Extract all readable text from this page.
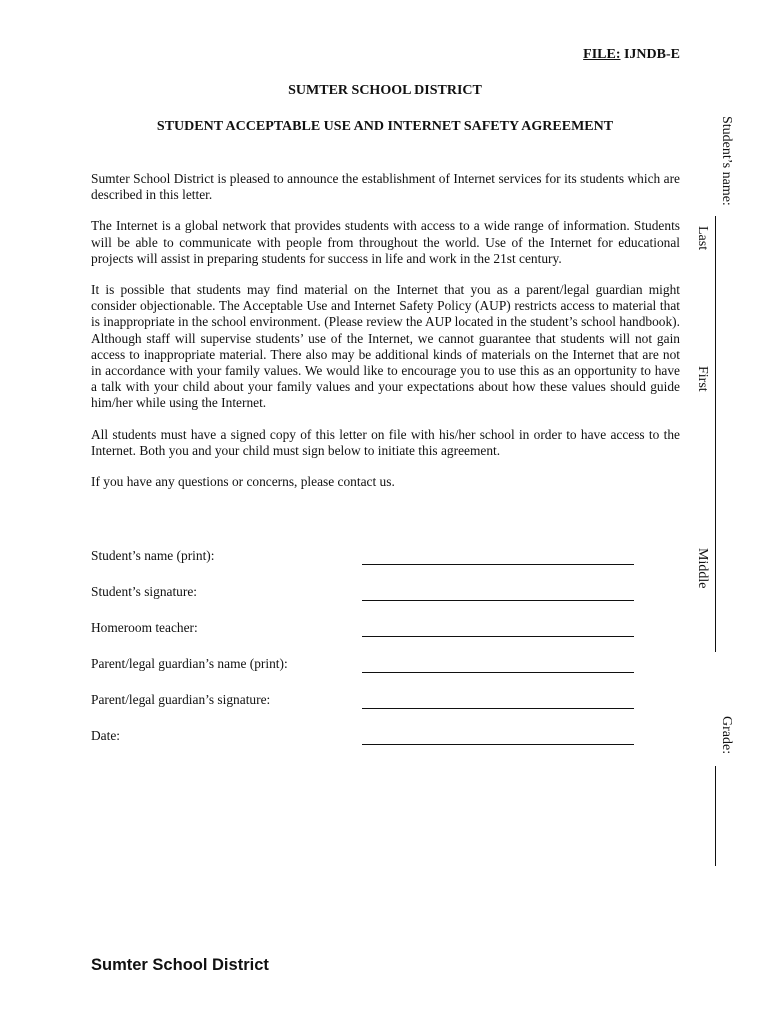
FILE: IJNDB-E
SUMTER SCHOOL DISTRICT
STUDENT ACCEPTABLE USE AND INTERNET SAFETY AGREEMENT

Sumter School District is pleased to announce the establishment of Internet services for its students which are described in this letter.

The Internet is a global network that provides students with access to a wide range of information. Students will be able to communicate with people from throughout the world. Use of the Internet for educational projects will assist in preparing students for success in life and work in the 21st century.

It is possible that students may find material on the Internet that you as a parent/legal guardian might consider objectionable. The Acceptable Use and Internet Safety Policy (AUP) restricts access to material that is inappropriate in the school environment. (Please review the AUP located in the student’s school handbook). Although staff will supervise students’ use of the Internet, we cannot guarantee that students will not gain access to inappropriate material. There also may be additional kinds of materials on the Internet that are not in accordance with your family values. We would like to encourage you to use this as an opportunity to have a talk with your child about your family values and your expectations about how these values should guide him/her while using the Internet.

All students must have a signed copy of this letter on file with his/her school in order to have access to the Internet. Both you and your child must sign below to initiate this agreement.

If you have any questions or concerns, please contact us.

Student’s name (print):
Student’s signature:
Homeroom teacher:
Parent/legal guardian’s name (print):
Parent/legal guardian’s signature:
Date:
Student’s name:
Last
First
Middle
Grade:
Sumter School District
